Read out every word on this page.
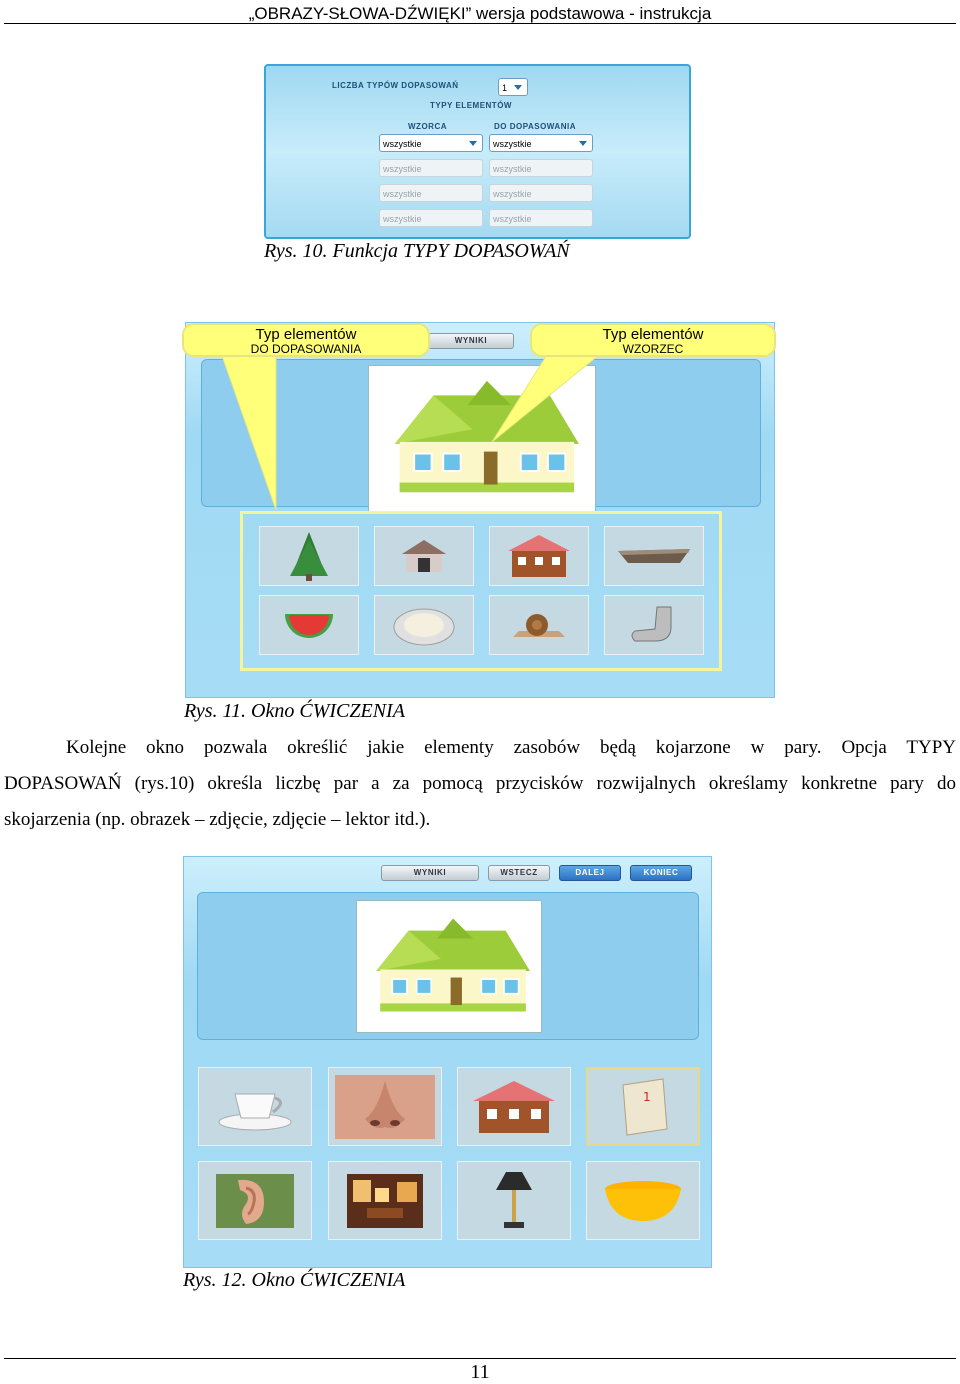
„OBRAZY-SŁOWA-DŹWIĘKI” wersja podstawowa - instrukcja
LICZBA TYPÓW DOPASOWAŃ	1
TYPY ELEMENTÓW
WZORCA	DO DOPASOWANIA
wszystkie	wszystkie
wszystkie	wszystkie
wszystkie	wszystkie
wszystkie	wszystkie
Rys. 10. Funkcja TYPY DOPASOWAŃ
WYNIKI
Typ elementów
DO DOPASOWANIA
Typ elementów
WZORZEC
Rys. 11. Okno ĆWICZENIA
Kolejne okno pozwala określić jakie elementy zasobów będą kojarzone w pary. Opcja TYPY
DOPASOWAŃ (rys.10) określa liczbę par a za pomocą przycisków rozwijalnych określamy konkretne pary do
skojarzenia (np. obrazek – zdjęcie, zdjęcie – lektor itd.).
WYNIKI	WSTECZ	DALEJ	KONIEC
1
Rys. 12. Okno ĆWICZENIA
11
